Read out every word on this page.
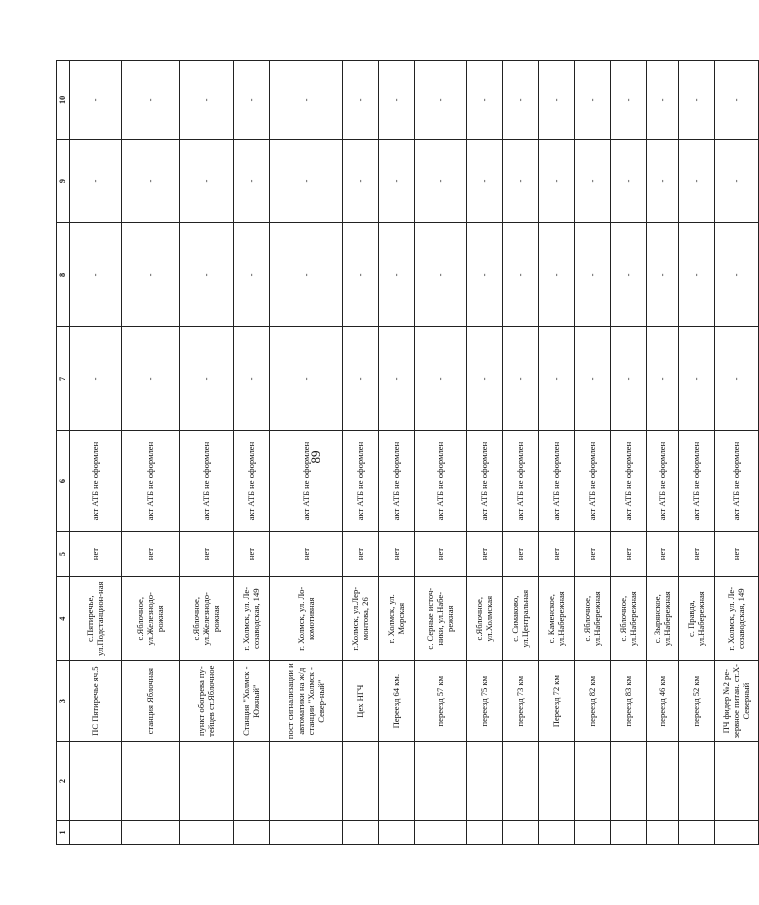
89
1	2	3	4	5	6	7	8	9	10
		ПС Пятиречье яч.5	с.Пятиречье, ул.Подстанцион-ная	нет	акт АТБ не оформлен	-	-	-	-
		станция Яблочная	с.Яблочное, ул.Железнодо-рожная	нет	акт АТБ не оформлен	-	-	-	-
		пункт обогрева пу-тейцев ст.Яблочное	с.Яблочное, ул.Железнодо-рожная	нет	акт АТБ не оформлен	-	-	-	-
		Станция "Холмск - Южный"	г. Холмск, ул. Ле-созаводская, 149	нет	акт АТБ не оформлен	-	-	-	-
		пост сигнализации и автоматики на ж/д станции "Холмск - Север-ный"	г. Холмск, ул. Ло-комотивная	нет	акт АТБ не оформлен	-	-	-	-
		Цех НГЧ	г.Холмск, ул.Лер-монтова, 26	нет	акт АТБ не оформлен	-	-	-	-
		Переезд 64 км.	г. Холмск, ул. Морская	нет	акт АТБ не оформлен	-	-	-	-
		переезд 57 км	с. Серные источ-ники, ул.Набе-режная	нет	акт АТБ не оформлен	-	-	-	-
		переезд 75 км	с.Яблочное, ул.Холмская	нет	акт АТБ не оформлен	-	-	-	-
		переезд 73 км	с. Симаково, ул.Центральная	нет	акт АТБ не оформлен	-	-	-	-
		Переезд 72 км	с. Каменское, ул.Набережная	нет	акт АТБ не оформлен	-	-	-	-
		переезд 82 км	с. Яблочное, ул.Набережная	нет	акт АТБ не оформлен	-	-	-	-
		переезд 83 км	с. Яблочное, ул.Набережная	нет	акт АТБ не оформлен	-	-	-	-
		переезд 46 км	с. Зырянское, ул.Набережная	нет	акт АТБ не оформлен	-	-	-	-
		переезд 52 км	с. Правда, ул.Набережная	нет	акт АТБ не оформлен	-	-	-	-
		ПЧ фидер №2 ре-зервное питан. ст.Х-Северный	г. Холмск, ул. Ле-созаводская, 149	нет	акт АТБ не оформлен	-	-	-	-
